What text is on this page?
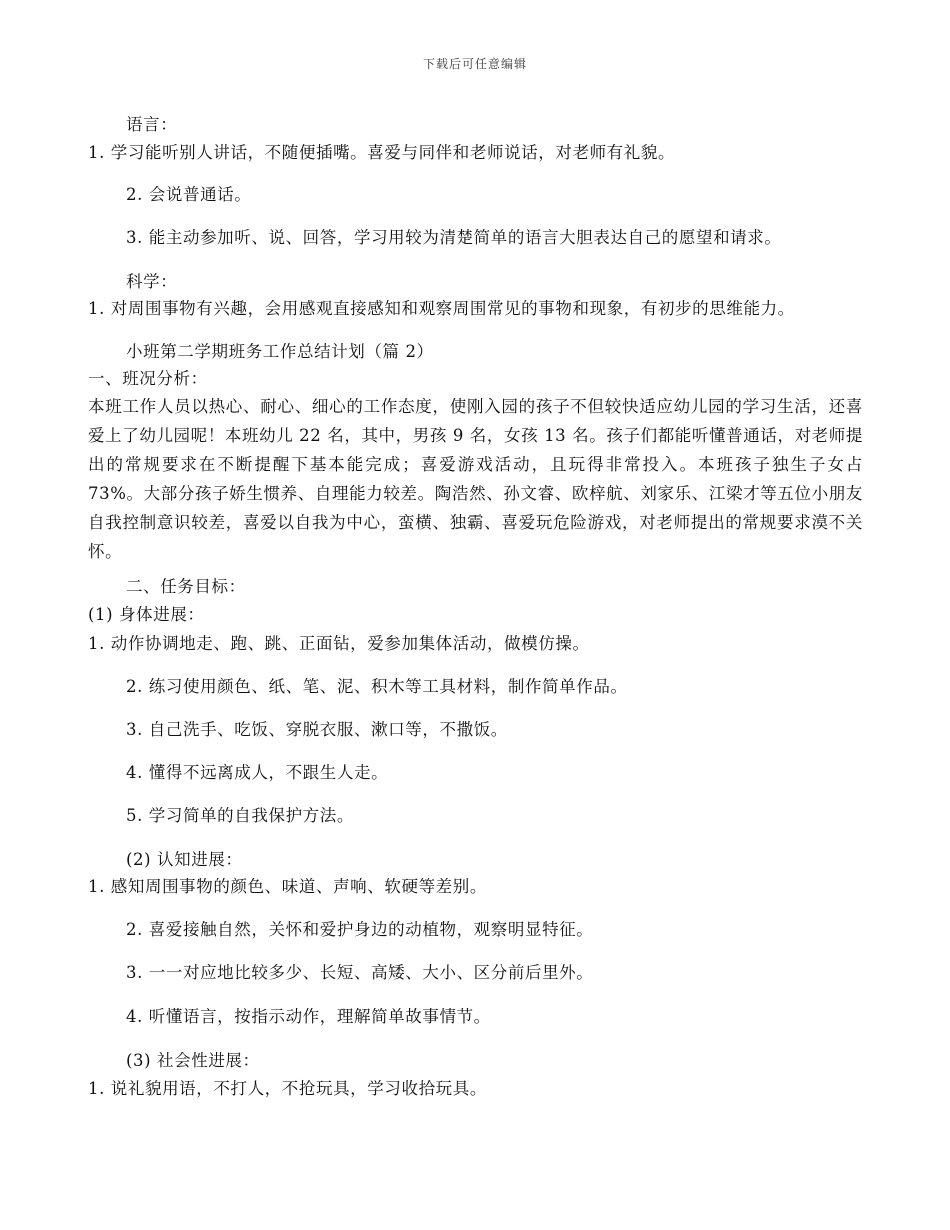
下载后可任意编辑
语言：
1. 学习能听别人讲话，不随便插嘴。喜爱与同伴和老师说话，对老师有礼貌。
2. 会说普通话。
3. 能主动参加听、说、回答，学习用较为清楚简单的语言大胆表达自己的愿望和请求。
科学：
1. 对周围事物有兴趣，会用感观直接感知和观察周围常见的事物和现象，有初步的思维能力。
小班第二学期班务工作总结计划（篇 2）
一、班况分析：
本班工作人员以热心、耐心、细心的工作态度，使刚入园的孩子不但较快适应幼儿园的学习生活，还喜爱上了幼儿园呢！本班幼儿 22 名，其中，男孩 9 名，女孩 13 名。孩子们都能听懂普通话，对老师提出的常规要求在不断提醒下基本能完成；喜爱游戏活动，且玩得非常投入。本班孩子独生子女占 73%。大部分孩子娇生惯养、自理能力较差。陶浩然、孙文睿、欧梓航、刘家乐、江梁才等五位小朋友自我控制意识较差，喜爱以自我为中心，蛮横、独霸、喜爱玩危险游戏，对老师提出的常规要求漠不关怀。
二、任务目标：
(1) 身体进展：
1. 动作协调地走、跑、跳、正面钻，爱参加集体活动，做模仿操。
2. 练习使用颜色、纸、笔、泥、积木等工具材料，制作简单作品。
3. 自己洗手、吃饭、穿脱衣服、漱口等，不撒饭。
4. 懂得不远离成人，不跟生人走。
5. 学习简单的自我保护方法。
(2) 认知进展：
1. 感知周围事物的颜色、味道、声响、软硬等差别。
2. 喜爱接触自然，关怀和爱护身边的动植物，观察明显特征。
3. 一一对应地比较多少、长短、高矮、大小、区分前后里外。
4. 听懂语言，按指示动作，理解简单故事情节。
(3) 社会性进展：
1. 说礼貌用语，不打人，不抢玩具，学习收拾玩具。
